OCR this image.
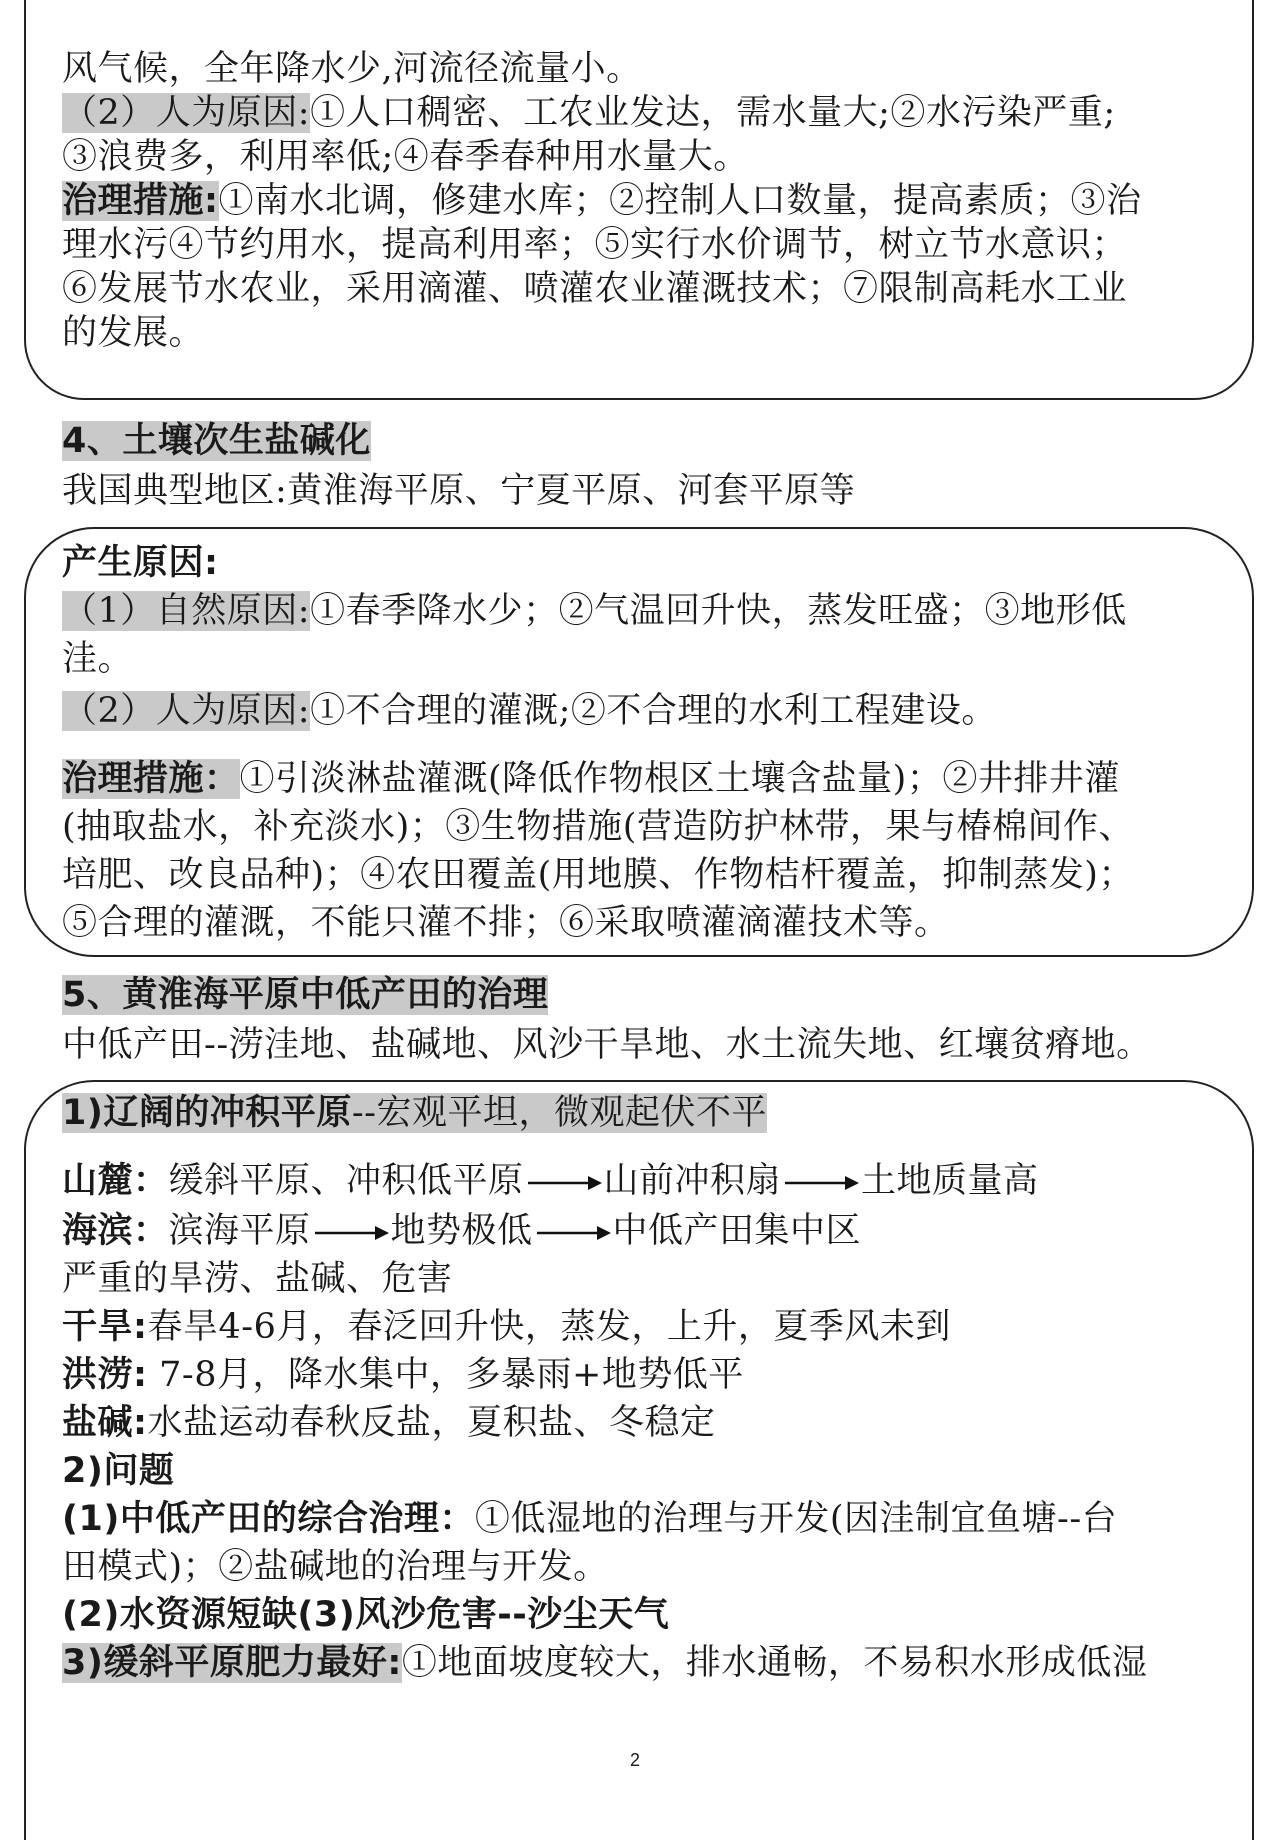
风气候，全年降水少,河流径流量小。
（2）人为原因:①人口稠密、工农业发达，需水量大;②水污染严重;
③浪费多，利用率低;④春季春种用水量大。
治理措施:①南水北调，修建水库；②控制人口数量，提高素质；③治
理水污④节约用水，提高利用率；⑤实行水价调节，树立节水意识；
⑥发展节水农业，采用滴灌、喷灌农业灌溉技术；⑦限制高耗水工业
的发展。
4、土壤次生盐碱化
我国典型地区:黄淮海平原、宁夏平原、河套平原等
产生原因:
（1）自然原因:①春季降水少；②气温回升快，蒸发旺盛；③地形低
洼。
（2）人为原因:①不合理的灌溉;②不合理的水利工程建设。
治理措施：①引淡淋盐灌溉(降低作物根区土壤含盐量)；②井排井灌
(抽取盐水，补充淡水)；③生物措施(营造防护林带，果与椿棉间作、
培肥、改良品种)；④农田覆盖(用地膜、作物桔杆覆盖，抑制蒸发)；
⑤合理的灌溉，不能只灌不排；⑥采取喷灌滴灌技术等。
5、黄淮海平原中低产田的治理
中低产田--涝洼地、盐碱地、风沙干旱地、水土流失地、红壤贫瘠地。
1)辽阔的冲积平原--宏观平坦，微观起伏不平
山麓：缓斜平原、冲积低平原 山前冲积扇 土地质量高
海滨：滨海平原 地势极低 中低产田集中区
严重的旱涝、盐碱、危害
干旱:春旱4-6月，春泛回升快，蒸发，上升，夏季风未到
洪涝: 7-8月，降水集中，多暴雨+地势低平
盐碱:水盐运动春秋反盐，夏积盐、冬稳定
2)问题
(1)中低产田的综合治理：①低湿地的治理与开发(因洼制宜鱼塘--台
田模式)；②盐碱地的治理与开发。
(2)水资源短缺(3)风沙危害--沙尘天气
3)缓斜平原肥力最好:①地面坡度较大，排水通畅，不易积水形成低湿
2
